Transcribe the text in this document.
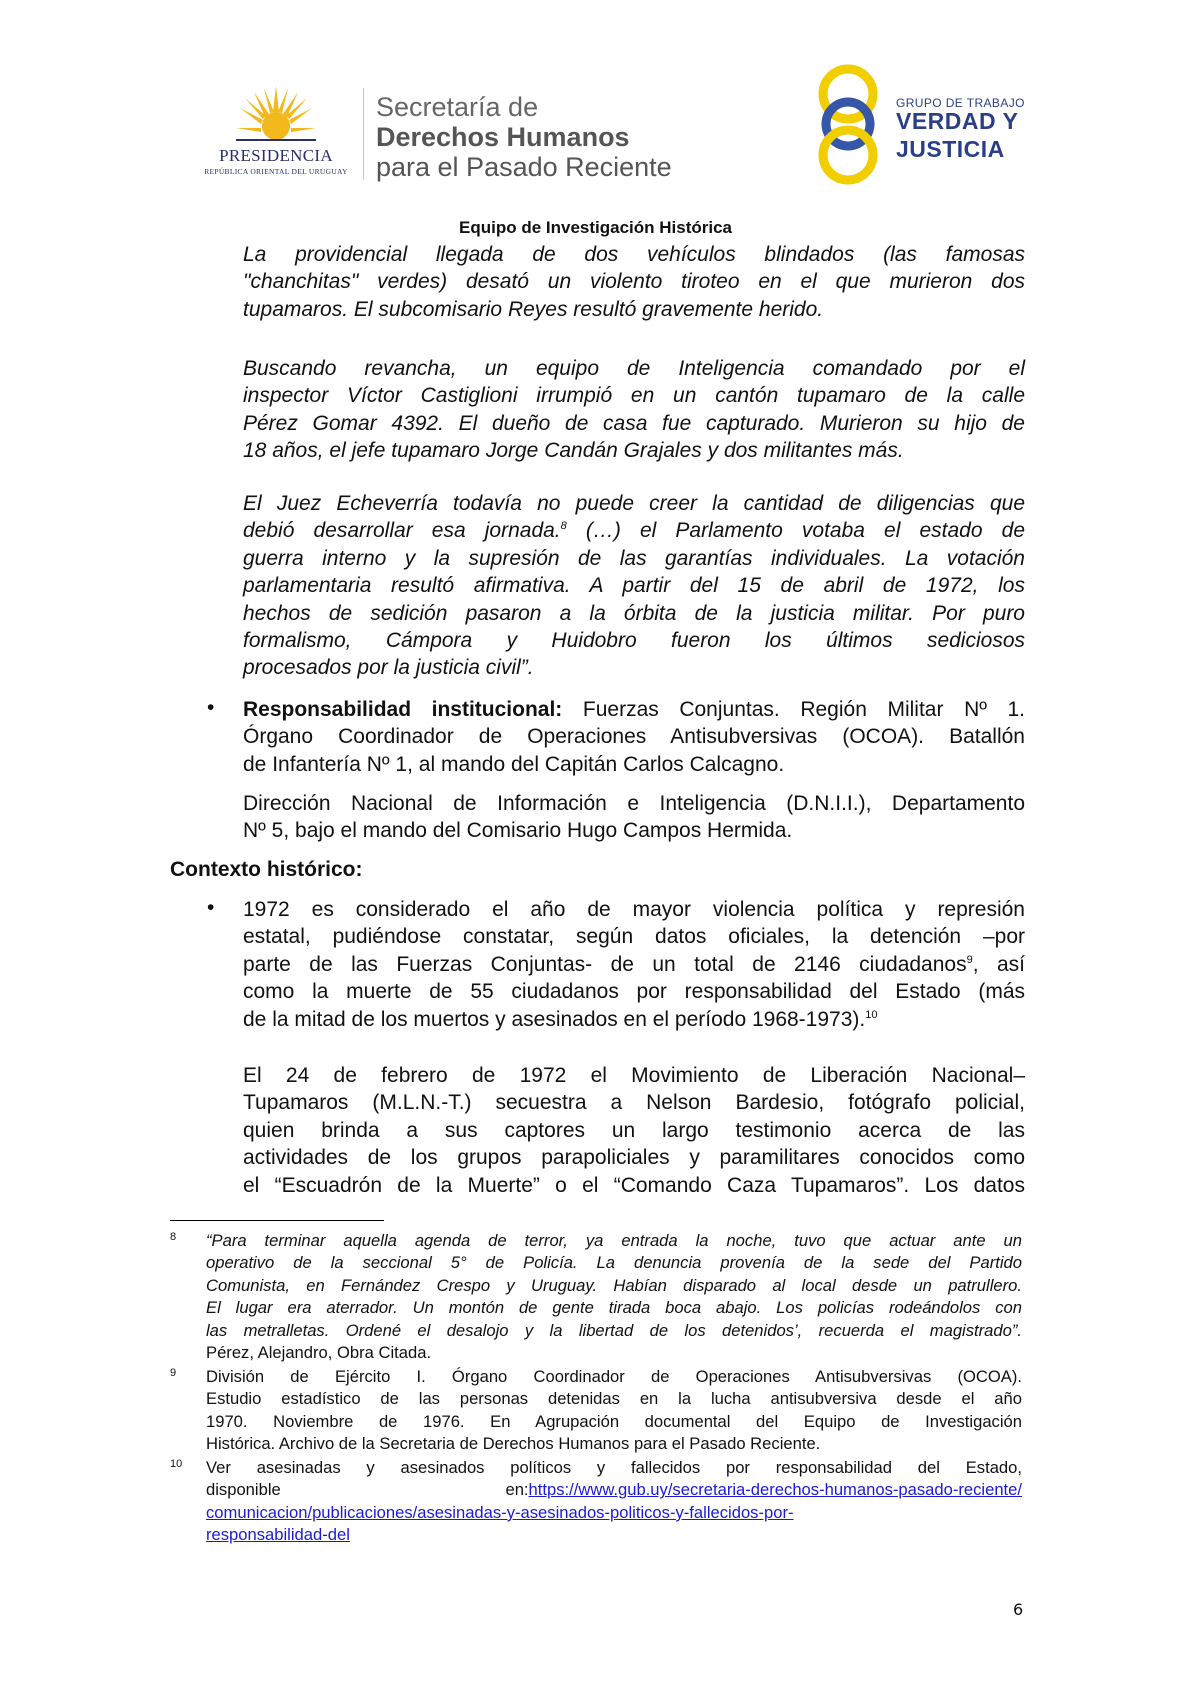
PRESIDENCIA
REPÚBLICA ORIENTAL DEL URUGUAY
Secretaría de
Derechos Humanos
para el Pasado Reciente
GRUPO DE TRABAJO
VERDAD Y
JUSTICIA
Equipo de Investigación Histórica
La providencial llegada de dos vehículos blindados (las famosas
"chanchitas" verdes) desató un violento tiroteo en el que murieron dos
tupamaros. El subcomisario Reyes resultó gravemente herido.
Buscando revancha, un equipo de Inteligencia comandado por el
inspector Víctor Castiglioni irrumpió en un cantón tupamaro de la calle
Pérez Gomar 4392. El dueño de casa fue capturado. Murieron su hijo de
18 años, el jefe tupamaro Jorge Candán Grajales y dos militantes más.
El Juez Echeverría todavía no puede creer la cantidad de diligencias que
debió desarrollar esa jornada.$^8$ (…) el Parlamento votaba el estado de
guerra interno y la supresión de las garantías individuales. La votación
parlamentaria resultó afirmativa. A partir del 15 de abril de 1972, los
hechos de sedición pasaron a la órbita de la justicia militar. Por puro
formalismo, Cámpora y Huidobro fueron los últimos sediciosos
procesados por la justicia civil”.
• Responsabilidad institucional: Fuerzas Conjuntas. Región Militar Nº 1.
Órgano Coordinador de Operaciones Antisubversivas (OCOA). Batallón
de Infantería Nº 1, al mando del Capitán Carlos Calcagno.
Dirección Nacional de Información e Inteligencia (D.N.I.I.), Departamento
Nº 5, bajo el mando del Comisario Hugo Campos Hermida.
Contexto histórico:
• 1972 es considerado el año de mayor violencia política y represión
estatal, pudiéndose constatar, según datos oficiales, la detención –por
parte de las Fuerzas Conjuntas- de un total de 2146 ciudadanos$^9$, así
como la muerte de 55 ciudadanos por responsabilidad del Estado (más
de la mitad de los muertos y asesinados en el período 1968-1973).$^{10}$
El 24 de febrero de 1972 el Movimiento de Liberación Nacional–
Tupamaros (M.L.N.-T.) secuestra a Nelson Bardesio, fotógrafo policial,
quien brinda a sus captores un largo testimonio acerca de las
actividades de los grupos parapoliciales y paramilitares conocidos como
el “Escuadrón de la Muerte” o el “Comando Caza Tupamaros”. Los datos
8 “Para terminar aquella agenda de terror, ya entrada la noche, tuvo que actuar ante un
operativo de la seccional 5° de Policía. La denuncia provenía de la sede del Partido
Comunista, en Fernández Crespo y Uruguay. Habían disparado al local desde un patrullero.
El lugar era aterrador. Un montón de gente tirada boca abajo. Los policías rodeándolos con
las metralletas. Ordené el desalojo y la libertad de los detenidos’, recuerda el magistrado”.
Pérez, Alejandro, Obra Citada.
9 División de Ejército I. Órgano Coordinador de Operaciones Antisubversivas (OCOA).
Estudio estadístico de las personas detenidas en la lucha antisubversiva desde el año
1970. Noviembre de 1976. En Agrupación documental del Equipo de Investigación
Histórica. Archivo de la Secretaria de Derechos Humanos para el Pasado Reciente.
10 Ver asesinadas y asesinados políticos y fallecidos por responsabilidad del Estado,
disponible	en: https://www.gub.uy/secretaria-derechos-humanos-pasado-reciente/
comunicacion/publicaciones/asesinadas-y-asesinados-politicos-y-fallecidos-por-
responsabilidad-del
6
